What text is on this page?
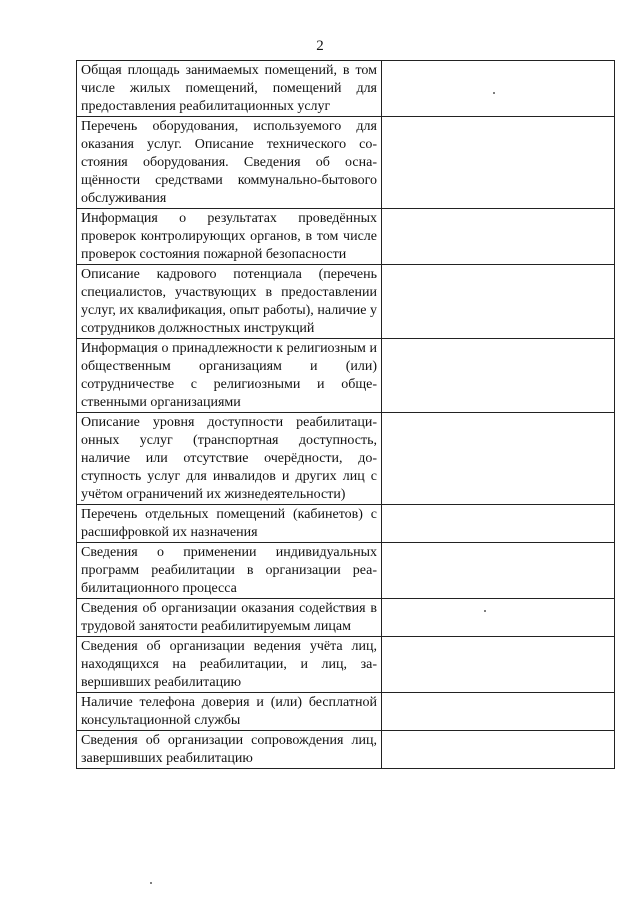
2
Общая площадь занимаемых помещений, в том числе жилых помещений, помещений для предоставления реабилитационных услуг	
Перечень оборудования, используемого для оказания услуг. Описание технического состояния оборудования. Сведения об оснащённости средствами коммунально-бытового обслуживания	
Информация о результатах проведённых проверок контролирующих органов, в том числе проверок состояния пожарной безопасности	
Описание кадрового потенциала (перечень специалистов, участвующих в предоставлении услуг, их квалификация, опыт работы), наличие у сотрудников должностных инструкций	
Информация о принадлежности к религиозным и общественным организациям и (или) сотрудничестве с религиозными и общественными организациями	
Описание уровня доступности реабилитационных услуг (транспортная доступность, наличие или отсутствие очерёдности, доступность услуг для инвалидов и других лиц с учётом ограничений их жизнедеятельности)	
Перечень отдельных помещений (кабинетов) с расшифровкой их назначения	
Сведения о применении индивидуальных программ реабилитации в организации реабилитационного процесса	
Сведения об организации оказания содействия в трудовой занятости реабилитируемым лицам	
Сведения об организации ведения учёта лиц, находящихся на реабилитации, и лиц, завершивших реабилитацию	
Наличие телефона доверия и (или) бесплатной консультационной службы	
Сведения об организации сопровождения лиц, завершивших реабилитацию	
